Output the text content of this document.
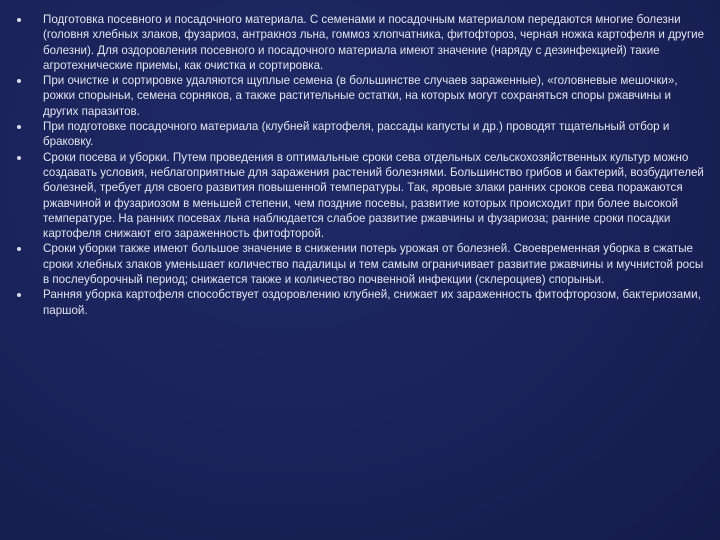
Подготовка посевного и посадочного материала. С семенами и посадочным материалом передаются многие болезни (головня хлебных злаков, фузариоз, антракноз льна, гоммоз хлопчатника, фитофтороз, черная ножка картофеля и другие болезни). Для оздоровления посевного и посадочного материала имеют значение (наряду с дезинфекцией) такие агротехнические приемы, как очистка и сортировка.
При очистке и сортировке удаляются щуплые семена (в большинстве случаев зараженные), «головневые мешочки», рожки спорыньи, семена сорняков, а также растительные остатки, на которых могут сохраняться споры ржавчины и других паразитов.
При подготовке посадочного материала (клубней картофеля, рассады капусты и др.) проводят тщательный отбор и браковку.
Сроки посева и уборки. Путем проведения в оптимальные сроки сева отдельных сельскохозяйственных культур можно создавать условия, неблагоприятные для заражения растений болезнями. Большинство грибов и бактерий, возбудителей болезней, требует для своего развития повышенной температуры. Так, яровые злаки ранних сроков сева поражаются ржавчиной и фузариозом в меньшей степени, чем поздние посевы, развитие которых происходит при более высокой температуре. На ранних посевах льна наблюдается слабое развитие ржавчины и фузариоза; ранние сроки посадки картофеля снижают его зараженность фитофторой.
Сроки уборки также имеют большое значение в снижении потерь урожая от болезней. Своевременная уборка в сжатые сроки хлебных злаков уменьшает количество падалицы и тем самым ограничивает развитие ржавчины и мучнистой росы в послеуборочный период; снижается также и количество почвенной инфекции (склероциев) спорыньи.
Ранняя уборка картофеля способствует оздоровлению клубней, снижает их зараженность фитофторозом, бактериозами, паршой.
